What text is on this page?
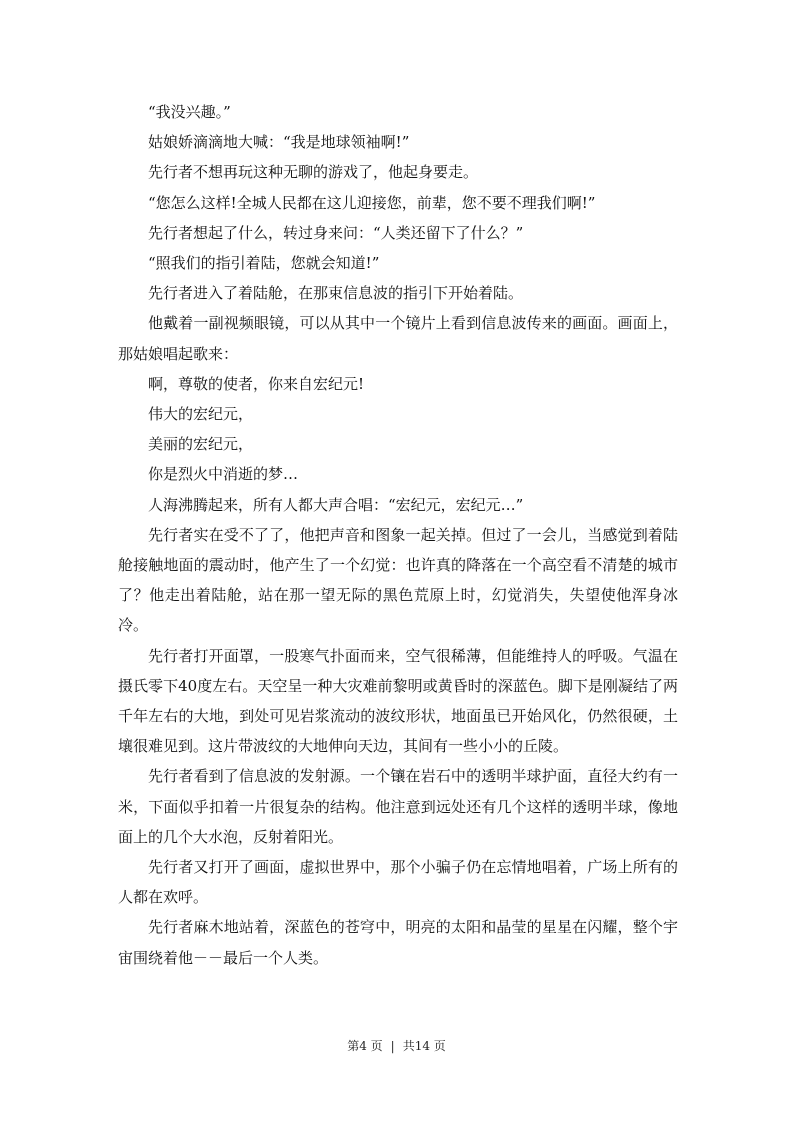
“我没兴趣。”

姑娘娇滴滴地大喊：“我是地球领袖啊!”

先行者不想再玩这种无聊的游戏了，他起身要走。

“您怎么这样!全城人民都在这儿迎接您，前辈，您不要不理我们啊!”

先行者想起了什么，转过身来问：“人类还留下了什么？”

“照我们的指引着陆，您就会知道!”

先行者进入了着陆舱，在那束信息波的指引下开始着陆。

他戴着一副视频眼镜，可以从其中一个镜片上看到信息波传来的画面。画面上，那姑娘唱起歌来：

啊，尊敬的使者，你来自宏纪元!

伟大的宏纪元，

美丽的宏纪元，

你是烈火中消逝的梦…

人海沸腾起来，所有人都大声合唱：“宏纪元，宏纪元…”

先行者实在受不了了，他把声音和图象一起关掉。但过了一会儿，当感觉到着陆舱接触地面的震动时，他产生了一个幻觉：也许真的降落在一个高空看不清楚的城市了？他走出着陆舱，站在那一望无际的黑色荒原上时，幻觉消失，失望使他浑身冰冷。

先行者打开面罩，一股寒气扑面而来，空气很稀薄，但能维持人的呼吸。气温在摄氏零下40度左右。天空呈一种大灾难前黎明或黄昏时的深蓝色。脚下是刚凝结了两千年左右的大地，到处可见岩浆流动的波纹形状，地面虽已开始风化，仍然很硬，土壤很难见到。这片带波纹的大地伸向天边，其间有一些小小的丘陵。

先行者看到了信息波的发射源。一个镶在岩石中的透明半球护面，直径大约有一米，下面似乎扣着一片很复杂的结构。他注意到远处还有几个这样的透明半球，像地面上的几个大水泡，反射着阳光。

先行者又打开了画面，虚拟世界中，那个小骗子仍在忘情地唱着，广场上所有的人都在欢呼。

先行者麻木地站着，深蓝色的苍穹中，明亮的太阳和晶莹的星星在闪耀，整个宇宙围绕着他－－最后一个人类。

第4 页 | 共14 页
